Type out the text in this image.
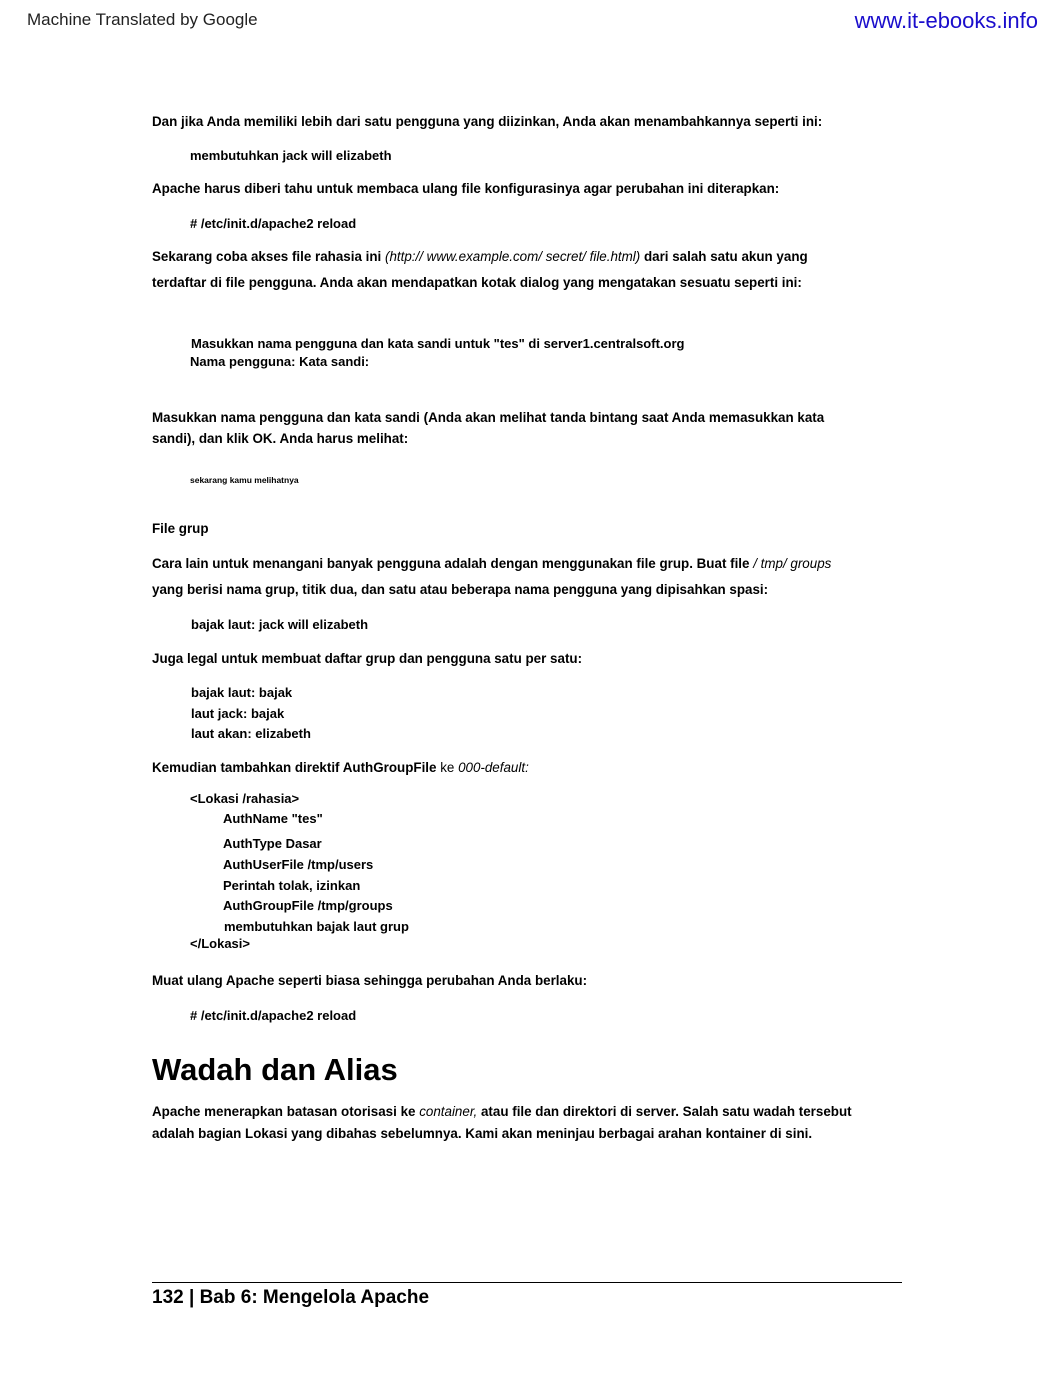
Machine Translated by Google	www.it-ebooks.info

Dan jika Anda memiliki lebih dari satu pengguna yang diizinkan, Anda akan menambahkannya seperti ini:

membutuhkan jack will elizabeth

Apache harus diberi tahu untuk membaca ulang file konfigurasinya agar perubahan ini diterapkan:

# /etc/init.d/apache2 reload

Sekarang coba akses file rahasia ini (http:// www.example.com/ secret/ file.html) dari salah satu akun yang

terdaftar di file pengguna. Anda akan mendapatkan kotak dialog yang mengatakan sesuatu seperti ini:

Masukkan nama pengguna dan kata sandi untuk "tes" di server1.centralsoft.org

Nama pengguna: Kata sandi:

Masukkan nama pengguna dan kata sandi (Anda akan melihat tanda bintang saat Anda memasukkan kata

sandi), dan klik OK. Anda harus melihat:

sekarang kamu melihatnya

File grup

Cara lain untuk menangani banyak pengguna adalah dengan menggunakan file grup. Buat file / tmp/ groups

yang berisi nama grup, titik dua, dan satu atau beberapa nama pengguna yang dipisahkan spasi:

bajak laut: jack will elizabeth

Juga legal untuk membuat daftar grup dan pengguna satu per satu:

bajak laut: bajak

laut jack: bajak

laut akan: elizabeth

Kemudian tambahkan direktif AuthGroupFile ke 000-default:

<Lokasi /rahasia>

AuthName "tes"

AuthType Dasar

AuthUserFile /tmp/users

Perintah tolak, izinkan

AuthGroupFile /tmp/groups

membutuhkan bajak laut grup

</Lokasi>

Muat ulang Apache seperti biasa sehingga perubahan Anda berlaku:

# /etc/init.d/apache2 reload

Wadah dan Alias

Apache menerapkan batasan otorisasi ke container, atau file dan direktori di server. Salah satu wadah tersebut

adalah bagian Lokasi yang dibahas sebelumnya. Kami akan meninjau berbagai arahan kontainer di sini.

132 | Bab 6: Mengelola Apache
